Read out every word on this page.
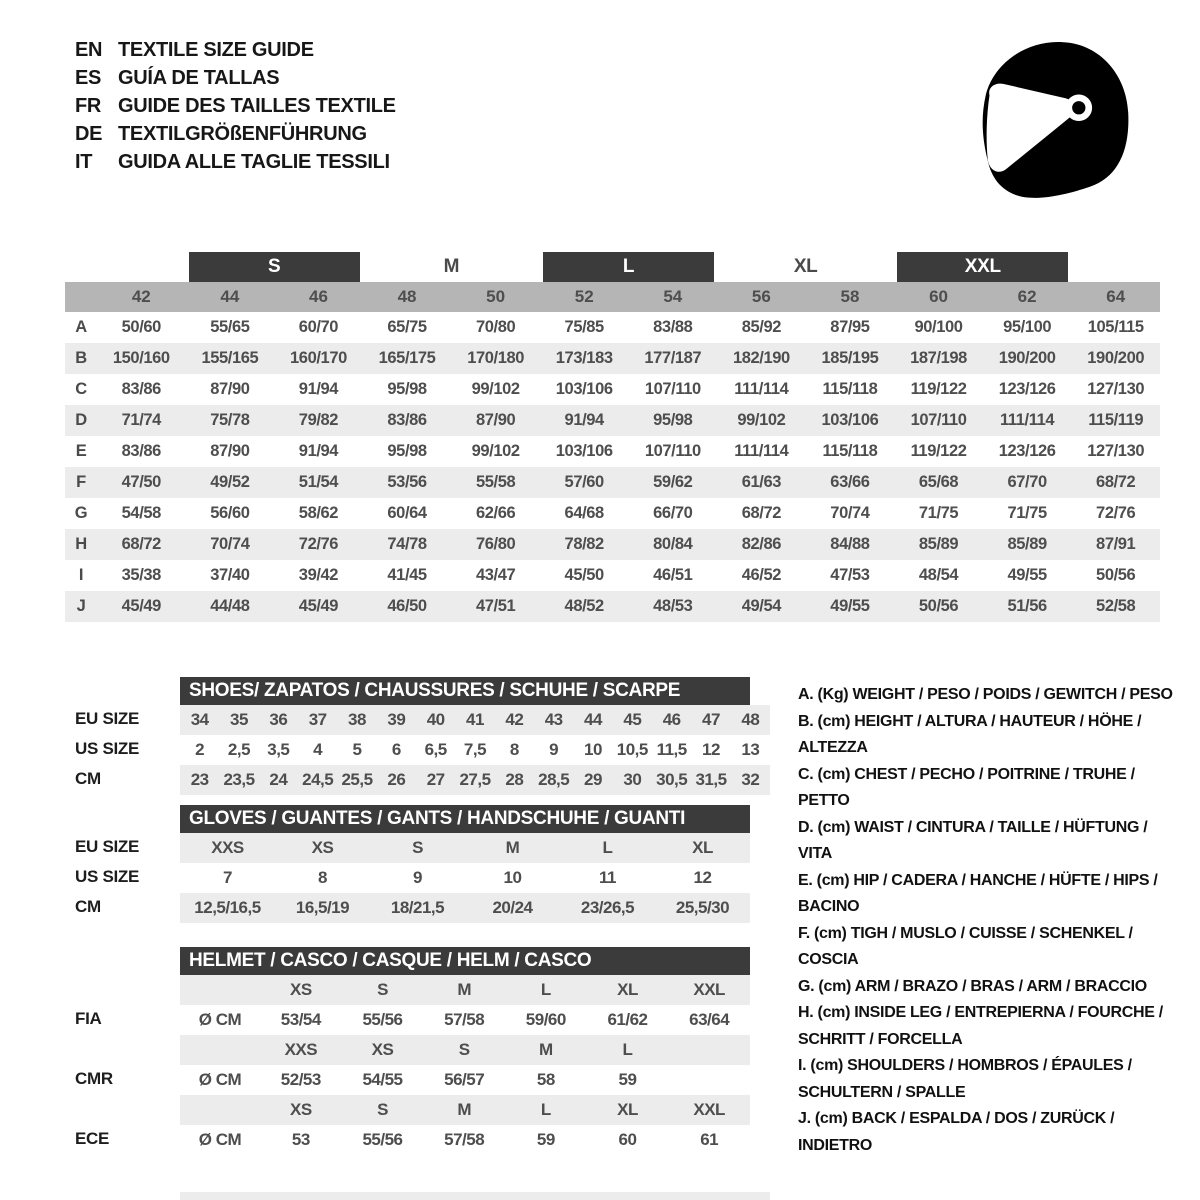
EN TEXTILE SIZE GUIDE
ES GUÍA DE TALLAS
FR GUIDE DES TAILLES TEXTILE
DE TEXTILGRÖßENFÜHRUNG
IT	GUIDA ALLE TAGLIE TESSILI
S	M	L	XL	XXL
42	44	46	48	50	52	54	56	58	60	62	64
A	50/60	55/65	60/70	65/75	70/80	75/85	83/88	85/92	87/95	90/100	95/100	105/115
B	150/160	155/165	160/170	165/175	170/180	173/183	177/187	182/190	185/195	187/198	190/200	190/200
C	83/86	87/90	91/94	95/98	99/102	103/106	107/110	111/114	115/118	119/122	123/126	127/130
D	71/74	75/78	79/82	83/86	87/90	91/94	95/98	99/102	103/106	107/110	111/114	115/119
E	83/86	87/90	91/94	95/98	99/102	103/106	107/110	111/114	115/118	119/122	123/126	127/130
F	47/50	49/52	51/54	53/56	55/58	57/60	59/62	61/63	63/66	65/68	67/70	68/72
G	54/58	56/60	58/62	60/64	62/66	64/68	66/70	68/72	70/74	71/75	71/75	72/76
H	68/72	70/74	72/76	74/78	76/80	78/82	80/84	82/86	84/88	85/89	85/89	87/91
I	35/38	37/40	39/42	41/45	43/47	45/50	46/51	46/52	47/53	48/54	49/55	50/56
J	45/49	44/48	45/49	46/50	47/51	48/52	48/53	49/54	49/55	50/56	51/56	52/58
SHOES/ ZAPATOS / CHAUSSURES / SCHUHE / SCARPE
34	35	36	37	38	39	40	41	42	43	44	45	46	47	48
2	2,5	3,5	4	5	6	6,5	7,5	8	9	10 10,5 11,5 12	13
23 23,5 24 24,5 25,5 26	27 27,5 28 28,5 29	30 30,5 31,5 32
EU SIZE
US SIZE
CM
GLOVES / GUANTES / GANTS / HANDSCHUHE / GUANTI
XXS	XS	S	M	L	XL
7	8	9	10	11	12
12,5/16,5	16,5/19	18/21,5	20/24	23/26,5	25,5/30
EU SIZE
US SIZE
CM
HELMET / CASCO / CASQUE / HELM / CASCO
XS	S	M	L	XL	XXL
Ø CM	53/54	55/56	57/58	59/60	61/62	63/64
XXS	XS	S	M	L
Ø CM	52/53	54/55	56/57	58	59
XS	S	M	L	XL	XXL
Ø CM	53	55/56	57/58	59	60	61
FIA
CMR
ECE
A. (Kg) WEIGHT / PESO / POIDS / GEWITCH / PESO
B. (cm) HEIGHT / ALTURA / HAUTEUR / HÖHE / ALTEZZA
C. (cm) CHEST / PECHO / POITRINE / TRUHE / PETTO
D. (cm) WAIST / CINTURA / TAILLE / HÜFTUNG / VITA
E. (cm) HIP / CADERA / HANCHE / HÜFTE / HIPS / BACINO
F. (cm) TIGH / MUSLO / CUISSE / SCHENKEL / COSCIA
G. (cm) ARM / BRAZO / BRAS / ARM / BRACCIO
H. (cm) INSIDE LEG / ENTREPIERNA / FOURCHE / SCHRITT / FORCELLA
I. (cm) SHOULDERS / HOMBROS / ÉPAULES / SCHULTERN / SPALLE
J. (cm) BACK / ESPALDA / DOS / ZURÜCK / INDIETRO
